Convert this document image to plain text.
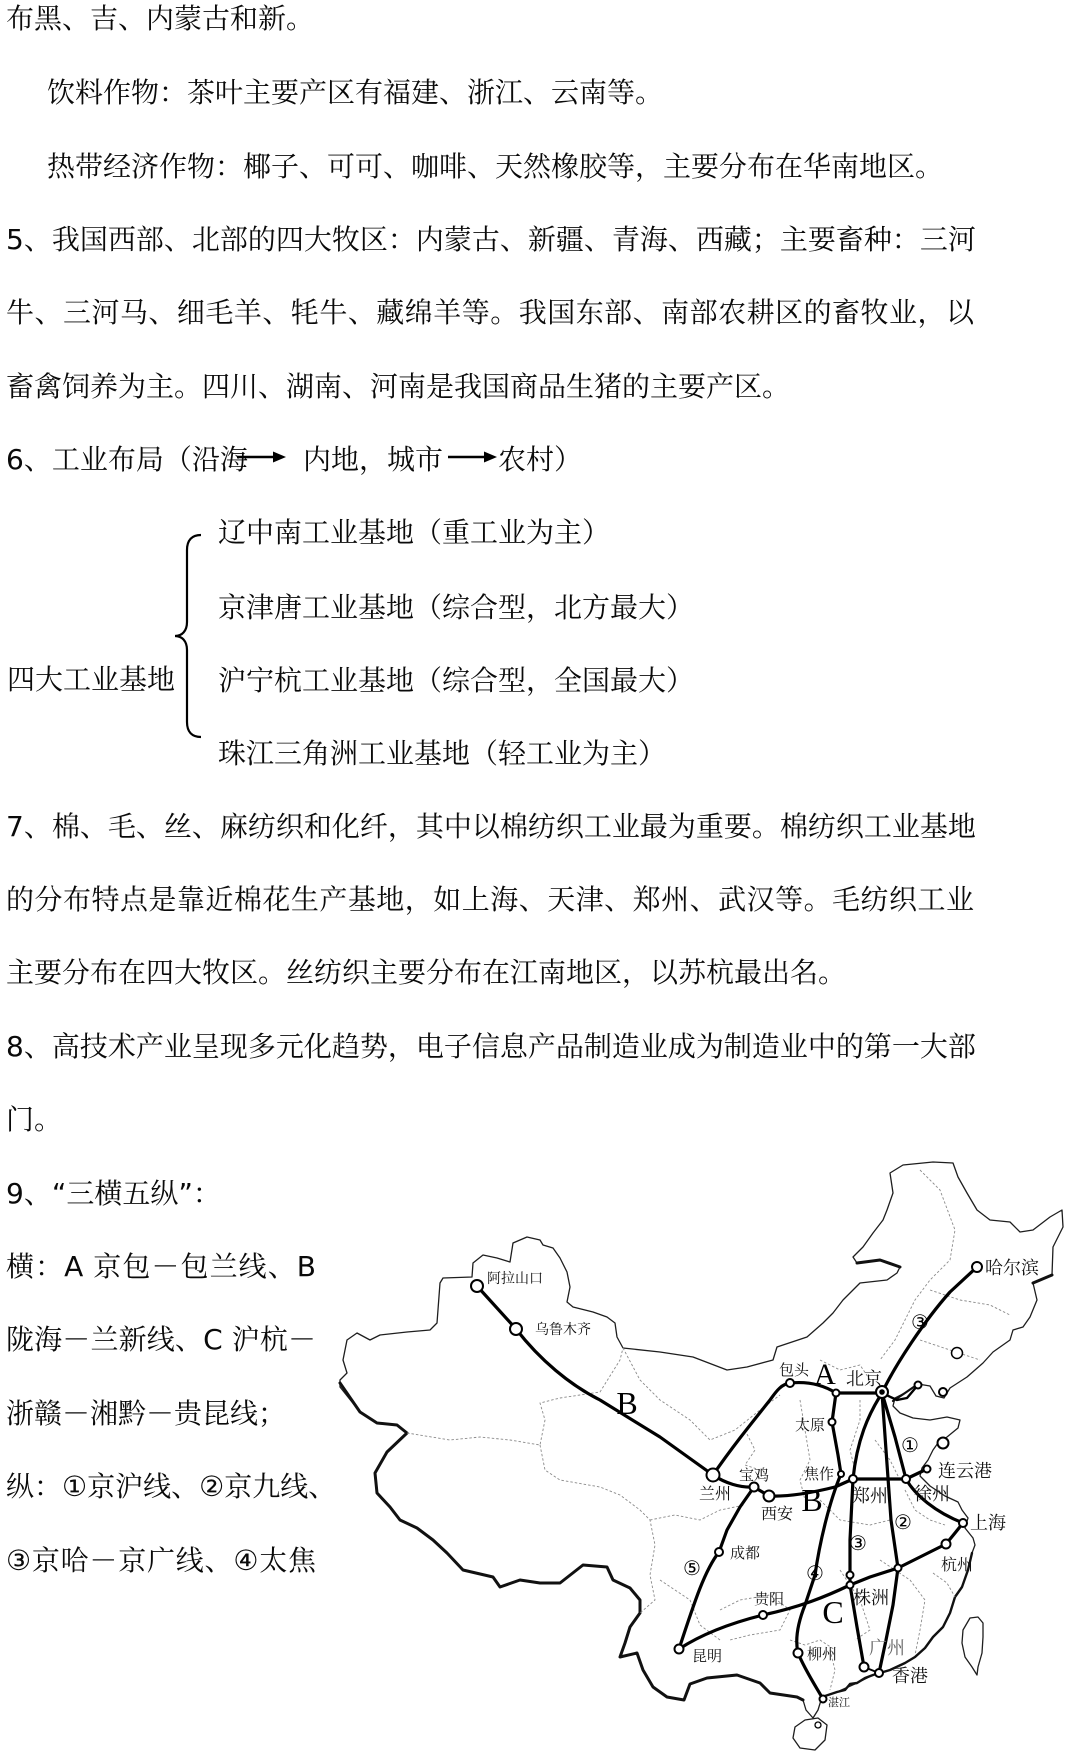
布黑、吉、内蒙古和新。
饮料作物：茶叶主要产区有福建、浙江、云南等。
热带经济作物：椰子、可可、咖啡、天然橡胶等，主要分布在华南地区。
5、我国西部、北部的四大牧区：内蒙古、新疆、青海、西藏；主要畜种：三河
牛、三河马、细毛羊、牦牛、藏绵羊等。我国东部、南部农耕区的畜牧业，以
畜禽饲养为主。四川、湖南、河南是我国商品生猪的主要产区。
6、工业布局（沿海 内地，城市 农村）
四大工业基地
辽中南工业基地（重工业为主）
京津唐工业基地（综合型，北方最大）
沪宁杭工业基地（综合型，全国最大）
珠江三角洲工业基地（轻工业为主）
7、棉、毛、丝、麻纺织和化纤，其中以棉纺织工业最为重要。棉纺织工业基地
的分布特点是靠近棉花生产基地，如上海、天津、郑州、武汉等。毛纺织工业
主要分布在四大牧区。丝纺织主要分布在江南地区，以苏杭最出名。
8、高技术产业呈现多元化趋势，电子信息产品制造业成为制造业中的第一大部
门。
9、“三横五纵”：
横：A 京包－包兰线、B
陇海－兰新线、C 沪杭－
浙赣－湘黔－贵昆线；
纵：①京沪线、②京九线、
③京哈－京广线、④太焦
阿拉山口
乌鲁木齐
包头 北京
哈尔滨
太原
连云港
徐州
郑州
焦作
西安
宝鸡
兰州
上海
杭州
成都
株洲
贵阳
昆明	柳州 广州
香港
湛江
A
B
B
C
①
②
③
③
④
⑤
